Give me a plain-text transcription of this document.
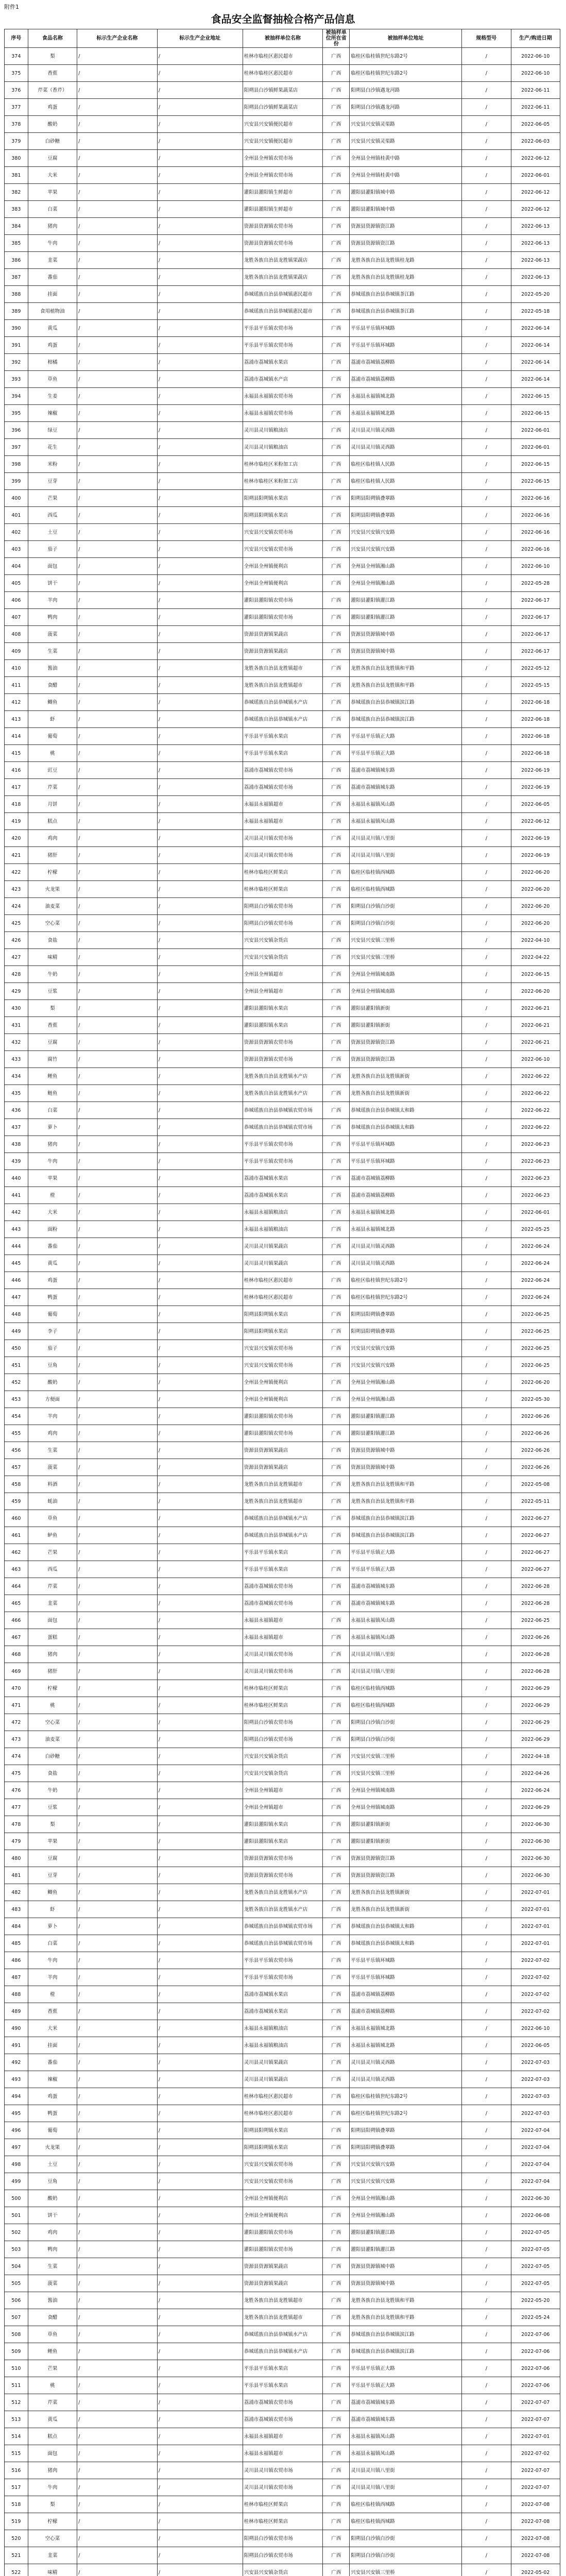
附件1
食品安全监督抽检合格产品信息
序号	食品名称	标示生产企业名称	标示生产企业地址	被抽样单位名称	被抽样单位所在省份	被抽样单位地址	规格型号	生产/购进日期
374	梨	/	/	桂林市临桂区惠民超市	广西	临桂区临桂镇世纪东路2号	/	2022-06-10
375	香蕉	/	/	桂林市临桂区惠民超市	广西	临桂区临桂镇世纪东路2号	/	2022-06-10
376	芹菜（香芹）	/	/	阳朔县白沙镇鲜果蔬菜店	广西	阳朔县白沙镇遇龙河路	/	2022-06-11
377	鸡蛋	/	/	阳朔县白沙镇鲜果蔬菜店	广西	阳朔县白沙镇遇龙河路	/	2022-06-11
378	酸奶	/	/	兴安县兴安镇便民超市	广西	兴安县兴安镇灵渠路	/	2022-06-05
379	白砂糖	/	/	兴安县兴安镇便民超市	广西	兴安县兴安镇灵渠路	/	2022-06-03
380	豆腐	/	/	全州县全州镇农贸市场	广西	全州县全州镇桂黄中路	/	2022-06-12
381	大米	/	/	全州县全州镇农贸市场	广西	全州县全州镇桂黄中路	/	2022-06-01
382	苹果	/	/	灌阳县灌阳镇生鲜超市	广西	灌阳县灌阳镇城中路	/	2022-06-12
383	白菜	/	/	灌阳县灌阳镇生鲜超市	广西	灌阳县灌阳镇城中路	/	2022-06-12
384	猪肉	/	/	资源县资源镇农贸市场	广西	资源县资源镇资江路	/	2022-06-13
385	牛肉	/	/	资源县资源镇农贸市场	广西	资源县资源镇资江路	/	2022-06-13
386	韭菜	/	/	龙胜各族自治县龙胜镇果蔬店	广西	龙胜各族自治县龙胜镇桂龙路	/	2022-06-13
387	番茄	/	/	龙胜各族自治县龙胜镇果蔬店	广西	龙胜各族自治县龙胜镇桂龙路	/	2022-06-13
388	挂面	/	/	恭城瑶族自治县恭城镇惠民超市	广西	恭城瑶族自治县恭城镇茶江路	/	2022-05-20
389	食用植物油	/	/	恭城瑶族自治县恭城镇惠民超市	广西	恭城瑶族自治县恭城镇茶江路	/	2022-05-18
390	黄瓜	/	/	平乐县平乐镇农贸市场	广西	平乐县平乐镇环城路	/	2022-06-14
391	鸡蛋	/	/	平乐县平乐镇农贸市场	广西	平乐县平乐镇环城路	/	2022-06-14
392	柑橘	/	/	荔浦市荔城镇水果店	广西	荔浦市荔城镇荔柳路	/	2022-06-14
393	草鱼	/	/	荔浦市荔城镇水产店	广西	荔浦市荔城镇荔柳路	/	2022-06-14
394	生姜	/	/	永福县永福镇农贸市场	广西	永福县永福镇城北路	/	2022-06-15
395	辣椒	/	/	永福县永福镇农贸市场	广西	永福县永福镇城北路	/	2022-06-15
396	绿豆	/	/	灵川县灵川镇粮油店	广西	灵川县灵川镇灵西路	/	2022-06-01
397	花生	/	/	灵川县灵川镇粮油店	广西	灵川县灵川镇灵西路	/	2022-06-01
398	米粉	/	/	桂林市临桂区米粉加工店	广西	临桂区临桂镇人民路	/	2022-06-15
399	豆芽	/	/	桂林市临桂区米粉加工店	广西	临桂区临桂镇人民路	/	2022-06-15
400	芒果	/	/	阳朔县阳朔镇水果店	广西	阳朔县阳朔镇叠翠路	/	2022-06-16
401	西瓜	/	/	阳朔县阳朔镇水果店	广西	阳朔县阳朔镇叠翠路	/	2022-06-16
402	土豆	/	/	兴安县兴安镇农贸市场	广西	兴安县兴安镇兴安路	/	2022-06-16
403	茄子	/	/	兴安县兴安镇农贸市场	广西	兴安县兴安镇兴安路	/	2022-06-16
404	面包	/	/	全州县全州镇便利店	广西	全州县全州镇湘山路	/	2022-06-10
405	饼干	/	/	全州县全州镇便利店	广西	全州县全州镇湘山路	/	2022-05-28
406	羊肉	/	/	灌阳县灌阳镇农贸市场	广西	灌阳县灌阳镇灌江路	/	2022-06-17
407	鸭肉	/	/	灌阳县灌阳镇农贸市场	广西	灌阳县灌阳镇灌江路	/	2022-06-17
408	菠菜	/	/	资源县资源镇果蔬店	广西	资源县资源镇城中路	/	2022-06-17
409	生菜	/	/	资源县资源镇果蔬店	广西	资源县资源镇城中路	/	2022-06-17
410	酱油	/	/	龙胜各族自治县龙胜镇超市	广西	龙胜各族自治县龙胜镇和平路	/	2022-05-12
411	食醋	/	/	龙胜各族自治县龙胜镇超市	广西	龙胜各族自治县龙胜镇和平路	/	2022-05-15
412	鲫鱼	/	/	恭城瑶族自治县恭城镇水产店	广西	恭城瑶族自治县恭城镇滨江路	/	2022-06-18
413	虾	/	/	恭城瑶族自治县恭城镇水产店	广西	恭城瑶族自治县恭城镇滨江路	/	2022-06-18
414	葡萄	/	/	平乐县平乐镇水果店	广西	平乐县平乐镇正大路	/	2022-06-18
415	桃	/	/	平乐县平乐镇水果店	广西	平乐县平乐镇正大路	/	2022-06-18
416	豇豆	/	/	荔浦市荔城镇农贸市场	广西	荔浦市荔城镇城东路	/	2022-06-19
417	芹菜	/	/	荔浦市荔城镇农贸市场	广西	荔浦市荔城镇城东路	/	2022-06-19
418	月饼	/	/	永福县永福镇超市	广西	永福县永福镇凤山路	/	2022-06-05
419	糕点	/	/	永福县永福镇超市	广西	永福县永福镇凤山路	/	2022-06-12
420	鸡肉	/	/	灵川县灵川镇农贸市场	广西	灵川县灵川镇八里街	/	2022-06-19
421	猪肝	/	/	灵川县灵川镇农贸市场	广西	灵川县灵川镇八里街	/	2022-06-19
422	柠檬	/	/	桂林市临桂区鲜果店	广西	临桂区临桂镇西城路	/	2022-06-20
423	火龙果	/	/	桂林市临桂区鲜果店	广西	临桂区临桂镇西城路	/	2022-06-20
424	油麦菜	/	/	阳朔县白沙镇农贸市场	广西	阳朔县白沙镇白沙街	/	2022-06-20
425	空心菜	/	/	阳朔县白沙镇农贸市场	广西	阳朔县白沙镇白沙街	/	2022-06-20
426	食盐	/	/	兴安县兴安镇杂货店	广西	兴安县兴安镇三里桥	/	2022-04-10
427	味精	/	/	兴安县兴安镇杂货店	广西	兴安县兴安镇三里桥	/	2022-04-22
428	牛奶	/	/	全州县全州镇超市	广西	全州县全州镇城南路	/	2022-06-15
429	豆浆	/	/	全州县全州镇超市	广西	全州县全州镇城南路	/	2022-06-20
430	梨	/	/	灌阳县灌阳镇水果店	广西	灌阳县灌阳镇新街	/	2022-06-21
431	香蕉	/	/	灌阳县灌阳镇水果店	广西	灌阳县灌阳镇新街	/	2022-06-21
432	豆腐	/	/	资源县资源镇农贸市场	广西	资源县资源镇资江路	/	2022-06-21
433	腐竹	/	/	资源县资源镇农贸市场	广西	资源县资源镇资江路	/	2022-06-10
434	鲤鱼	/	/	龙胜各族自治县龙胜镇水产店	广西	龙胜各族自治县龙胜镇新街	/	2022-06-22
435	鲢鱼	/	/	龙胜各族自治县龙胜镇水产店	广西	龙胜各族自治县龙胜镇新街	/	2022-06-22
436	白菜	/	/	恭城瑶族自治县恭城镇农贸市场	广西	恭城瑶族自治县恭城镇太和路	/	2022-06-22
437	萝卜	/	/	恭城瑶族自治县恭城镇农贸市场	广西	恭城瑶族自治县恭城镇太和路	/	2022-06-22
438	猪肉	/	/	平乐县平乐镇农贸市场	广西	平乐县平乐镇环城路	/	2022-06-23
439	牛肉	/	/	平乐县平乐镇农贸市场	广西	平乐县平乐镇环城路	/	2022-06-23
440	苹果	/	/	荔浦市荔城镇水果店	广西	荔浦市荔城镇荔柳路	/	2022-06-23
441	橙	/	/	荔浦市荔城镇水果店	广西	荔浦市荔城镇荔柳路	/	2022-06-23
442	大米	/	/	永福县永福镇粮油店	广西	永福县永福镇城北路	/	2022-06-01
443	面粉	/	/	永福县永福镇粮油店	广西	永福县永福镇城北路	/	2022-05-25
444	番茄	/	/	灵川县灵川镇果蔬店	广西	灵川县灵川镇灵西路	/	2022-06-24
445	黄瓜	/	/	灵川县灵川镇果蔬店	广西	灵川县灵川镇灵西路	/	2022-06-24
446	鸡蛋	/	/	桂林市临桂区惠民超市	广西	临桂区临桂镇世纪东路2号	/	2022-06-24
447	鸭蛋	/	/	桂林市临桂区惠民超市	广西	临桂区临桂镇世纪东路2号	/	2022-06-24
448	葡萄	/	/	阳朔县阳朔镇水果店	广西	阳朔县阳朔镇叠翠路	/	2022-06-25
449	李子	/	/	阳朔县阳朔镇水果店	广西	阳朔县阳朔镇叠翠路	/	2022-06-25
450	茄子	/	/	兴安县兴安镇农贸市场	广西	兴安县兴安镇兴安路	/	2022-06-25
451	豆角	/	/	兴安县兴安镇农贸市场	广西	兴安县兴安镇兴安路	/	2022-06-25
452	酸奶	/	/	全州县全州镇便利店	广西	全州县全州镇湘山路	/	2022-06-20
453	方便面	/	/	全州县全州镇便利店	广西	全州县全州镇湘山路	/	2022-05-30
454	羊肉	/	/	灌阳县灌阳镇农贸市场	广西	灌阳县灌阳镇灌江路	/	2022-06-26
455	鸡肉	/	/	灌阳县灌阳镇农贸市场	广西	灌阳县灌阳镇灌江路	/	2022-06-26
456	生菜	/	/	资源县资源镇果蔬店	广西	资源县资源镇城中路	/	2022-06-26
457	菠菜	/	/	资源县资源镇果蔬店	广西	资源县资源镇城中路	/	2022-06-26
458	料酒	/	/	龙胜各族自治县龙胜镇超市	广西	龙胜各族自治县龙胜镇和平路	/	2022-05-08
459	蚝油	/	/	龙胜各族自治县龙胜镇超市	广西	龙胜各族自治县龙胜镇和平路	/	2022-05-11
460	草鱼	/	/	恭城瑶族自治县恭城镇水产店	广西	恭城瑶族自治县恭城镇滨江路	/	2022-06-27
461	鲈鱼	/	/	恭城瑶族自治县恭城镇水产店	广西	恭城瑶族自治县恭城镇滨江路	/	2022-06-27
462	芒果	/	/	平乐县平乐镇水果店	广西	平乐县平乐镇正大路	/	2022-06-27
463	西瓜	/	/	平乐县平乐镇水果店	广西	平乐县平乐镇正大路	/	2022-06-27
464	芹菜	/	/	荔浦市荔城镇农贸市场	广西	荔浦市荔城镇城东路	/	2022-06-28
465	韭菜	/	/	荔浦市荔城镇农贸市场	广西	荔浦市荔城镇城东路	/	2022-06-28
466	面包	/	/	永福县永福镇超市	广西	永福县永福镇凤山路	/	2022-06-25
467	蛋糕	/	/	永福县永福镇超市	广西	永福县永福镇凤山路	/	2022-06-26
468	猪肉	/	/	灵川县灵川镇农贸市场	广西	灵川县灵川镇八里街	/	2022-06-28
469	猪肝	/	/	灵川县灵川镇农贸市场	广西	灵川县灵川镇八里街	/	2022-06-28
470	柠檬	/	/	桂林市临桂区鲜果店	广西	临桂区临桂镇西城路	/	2022-06-29
471	桃	/	/	桂林市临桂区鲜果店	广西	临桂区临桂镇西城路	/	2022-06-29
472	空心菜	/	/	阳朔县白沙镇农贸市场	广西	阳朔县白沙镇白沙街	/	2022-06-29
473	油麦菜	/	/	阳朔县白沙镇农贸市场	广西	阳朔县白沙镇白沙街	/	2022-06-29
474	白砂糖	/	/	兴安县兴安镇杂货店	广西	兴安县兴安镇三里桥	/	2022-04-18
475	食盐	/	/	兴安县兴安镇杂货店	广西	兴安县兴安镇三里桥	/	2022-04-26
476	牛奶	/	/	全州县全州镇超市	广西	全州县全州镇城南路	/	2022-06-24
477	豆浆	/	/	全州县全州镇超市	广西	全州县全州镇城南路	/	2022-06-29
478	梨	/	/	灌阳县灌阳镇水果店	广西	灌阳县灌阳镇新街	/	2022-06-30
479	苹果	/	/	灌阳县灌阳镇水果店	广西	灌阳县灌阳镇新街	/	2022-06-30
480	豆腐	/	/	资源县资源镇农贸市场	广西	资源县资源镇资江路	/	2022-06-30
481	豆芽	/	/	资源县资源镇农贸市场	广西	资源县资源镇资江路	/	2022-06-30
482	鲫鱼	/	/	龙胜各族自治县龙胜镇水产店	广西	龙胜各族自治县龙胜镇新街	/	2022-07-01
483	虾	/	/	龙胜各族自治县龙胜镇水产店	广西	龙胜各族自治县龙胜镇新街	/	2022-07-01
484	萝卜	/	/	恭城瑶族自治县恭城镇农贸市场	广西	恭城瑶族自治县恭城镇太和路	/	2022-07-01
485	白菜	/	/	恭城瑶族自治县恭城镇农贸市场	广西	恭城瑶族自治县恭城镇太和路	/	2022-07-01
486	牛肉	/	/	平乐县平乐镇农贸市场	广西	平乐县平乐镇环城路	/	2022-07-02
487	羊肉	/	/	平乐县平乐镇农贸市场	广西	平乐县平乐镇环城路	/	2022-07-02
488	橙	/	/	荔浦市荔城镇水果店	广西	荔浦市荔城镇荔柳路	/	2022-07-02
489	香蕉	/	/	荔浦市荔城镇水果店	广西	荔浦市荔城镇荔柳路	/	2022-07-02
490	大米	/	/	永福县永福镇粮油店	广西	永福县永福镇城北路	/	2022-06-10
491	挂面	/	/	永福县永福镇粮油店	广西	永福县永福镇城北路	/	2022-06-05
492	番茄	/	/	灵川县灵川镇果蔬店	广西	灵川县灵川镇灵西路	/	2022-07-03
493	辣椒	/	/	灵川县灵川镇果蔬店	广西	灵川县灵川镇灵西路	/	2022-07-03
494	鸡蛋	/	/	桂林市临桂区惠民超市	广西	临桂区临桂镇世纪东路2号	/	2022-07-03
495	鸭蛋	/	/	桂林市临桂区惠民超市	广西	临桂区临桂镇世纪东路2号	/	2022-07-03
496	葡萄	/	/	阳朔县阳朔镇水果店	广西	阳朔县阳朔镇叠翠路	/	2022-07-04
497	火龙果	/	/	阳朔县阳朔镇水果店	广西	阳朔县阳朔镇叠翠路	/	2022-07-04
498	土豆	/	/	兴安县兴安镇农贸市场	广西	兴安县兴安镇兴安路	/	2022-07-04
499	豆角	/	/	兴安县兴安镇农贸市场	广西	兴安县兴安镇兴安路	/	2022-07-04
500	酸奶	/	/	全州县全州镇便利店	广西	全州县全州镇湘山路	/	2022-06-30
501	饼干	/	/	全州县全州镇便利店	广西	全州县全州镇湘山路	/	2022-06-08
502	鸡肉	/	/	灌阳县灌阳镇农贸市场	广西	灌阳县灌阳镇灌江路	/	2022-07-05
503	鸭肉	/	/	灌阳县灌阳镇农贸市场	广西	灌阳县灌阳镇灌江路	/	2022-07-05
504	生菜	/	/	资源县资源镇果蔬店	广西	资源县资源镇城中路	/	2022-07-05
505	菠菜	/	/	资源县资源镇果蔬店	广西	资源县资源镇城中路	/	2022-07-05
506	酱油	/	/	龙胜各族自治县龙胜镇超市	广西	龙胜各族自治县龙胜镇和平路	/	2022-05-20
507	食醋	/	/	龙胜各族自治县龙胜镇超市	广西	龙胜各族自治县龙胜镇和平路	/	2022-05-24
508	草鱼	/	/	恭城瑶族自治县恭城镇水产店	广西	恭城瑶族自治县恭城镇滨江路	/	2022-07-06
509	鲤鱼	/	/	恭城瑶族自治县恭城镇水产店	广西	恭城瑶族自治县恭城镇滨江路	/	2022-07-06
510	芒果	/	/	平乐县平乐镇水果店	广西	平乐县平乐镇正大路	/	2022-07-06
511	桃	/	/	平乐县平乐镇水果店	广西	平乐县平乐镇正大路	/	2022-07-06
512	芹菜	/	/	荔浦市荔城镇农贸市场	广西	荔浦市荔城镇城东路	/	2022-07-07
513	黄瓜	/	/	荔浦市荔城镇农贸市场	广西	荔浦市荔城镇城东路	/	2022-07-07
514	糕点	/	/	永福县永福镇超市	广西	永福县永福镇凤山路	/	2022-07-01
515	面包	/	/	永福县永福镇超市	广西	永福县永福镇凤山路	/	2022-07-02
516	猪肉	/	/	灵川县灵川镇农贸市场	广西	灵川县灵川镇八里街	/	2022-07-07
517	牛肉	/	/	灵川县灵川镇农贸市场	广西	灵川县灵川镇八里街	/	2022-07-07
518	梨	/	/	桂林市临桂区鲜果店	广西	临桂区临桂镇西城路	/	2022-07-08
519	柠檬	/	/	桂林市临桂区鲜果店	广西	临桂区临桂镇西城路	/	2022-07-08
520	空心菜	/	/	阳朔县白沙镇农贸市场	广西	阳朔县白沙镇白沙街	/	2022-07-08
521	韭菜	/	/	阳朔县白沙镇农贸市场	广西	阳朔县白沙镇白沙街	/	2022-07-08
522	味精	/	/	兴安县兴安镇杂货店	广西	兴安县兴安镇三里桥	/	2022-05-02
